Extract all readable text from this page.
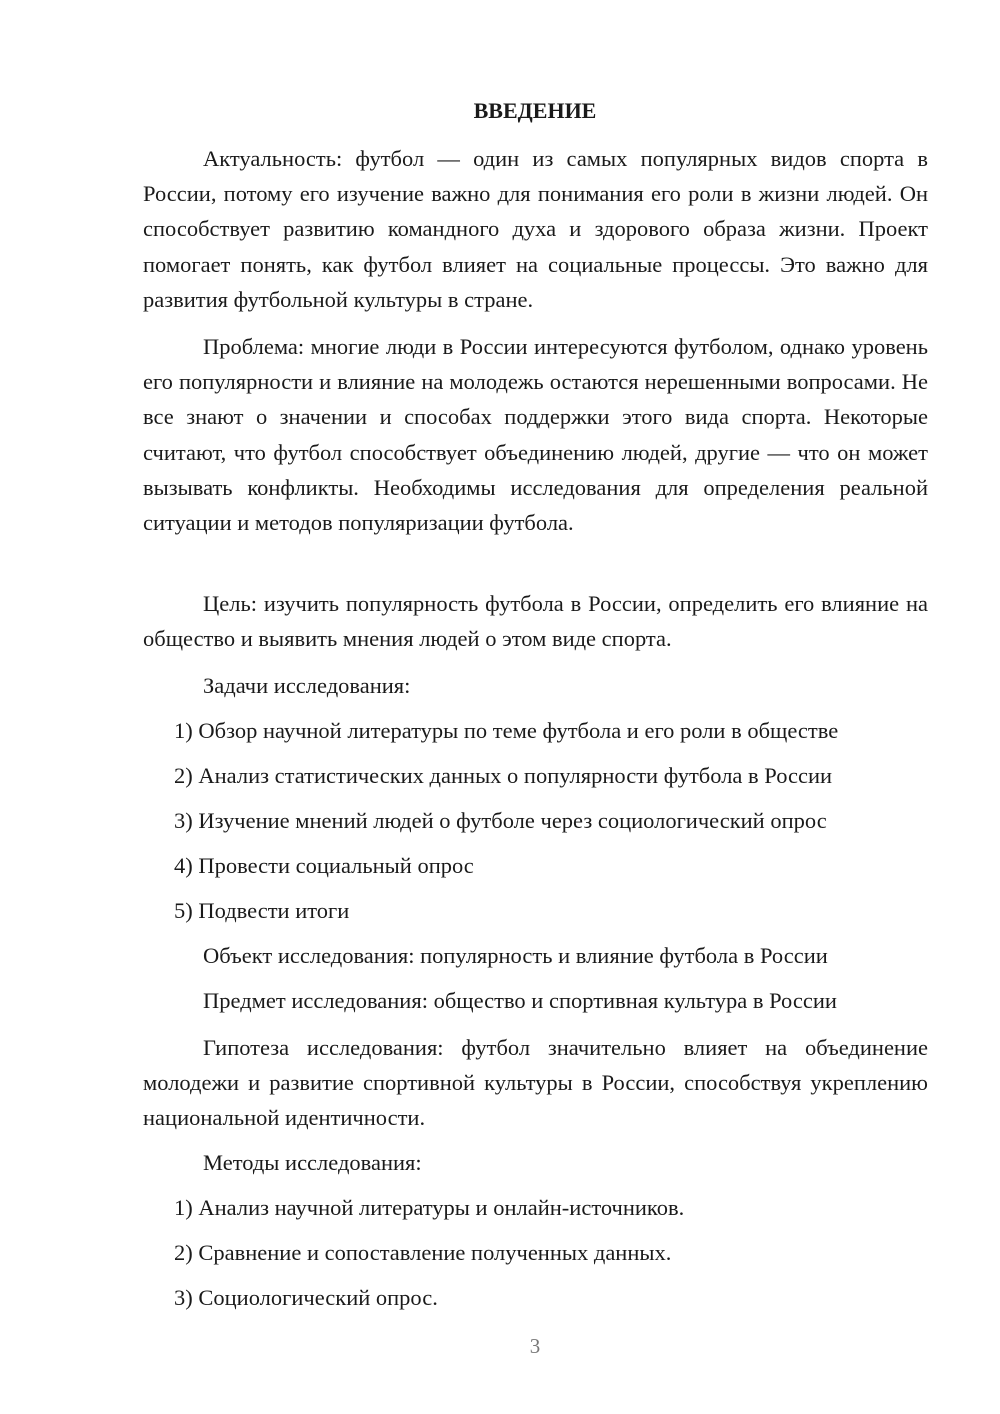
ВВЕДЕНИЕ

Актуальность: футбол — один из самых популярных видов спорта в России, потому его изучение важно для понимания его роли в жизни людей. Он способствует развитию командного духа и здорового образа жизни. Проект помогает понять, как футбол влияет на социальные процессы. Это важно для развития футбольной культуры в стране.

Проблема: многие люди в России интересуются футболом, однако уровень его популярности и влияние на молодежь остаются нерешенными вопросами. Не все знают о значении и способах поддержки этого вида спорта. Некоторые считают, что футбол способствует объединению людей, другие — что он может вызывать конфликты. Необходимы исследования для определения реальной ситуации и методов популяризации футбола.

Цель: изучить популярность футбола в России, определить его влияние на общество и выявить мнения людей о этом виде спорта.

Задачи исследования:

1) Обзор научной литературы по теме футбола и его роли в обществе

2) Анализ статистических данных о популярности футбола в России

3) Изучение мнений людей о футболе через социологический опрос

4) Провести социальный опрос

5) Подвести итоги

Объект исследования: популярность и влияние футбола в России

Предмет исследования: общество и спортивная культура в России

Гипотеза исследования: футбол значительно влияет на объединение молодежи и развитие спортивной культуры в России, способствуя укреплению национальной идентичности.

Методы исследования:

1) Анализ научной литературы и онлайн-источников.

2) Сравнение и сопоставление полученных данных.

3) Социологический опрос.

3
